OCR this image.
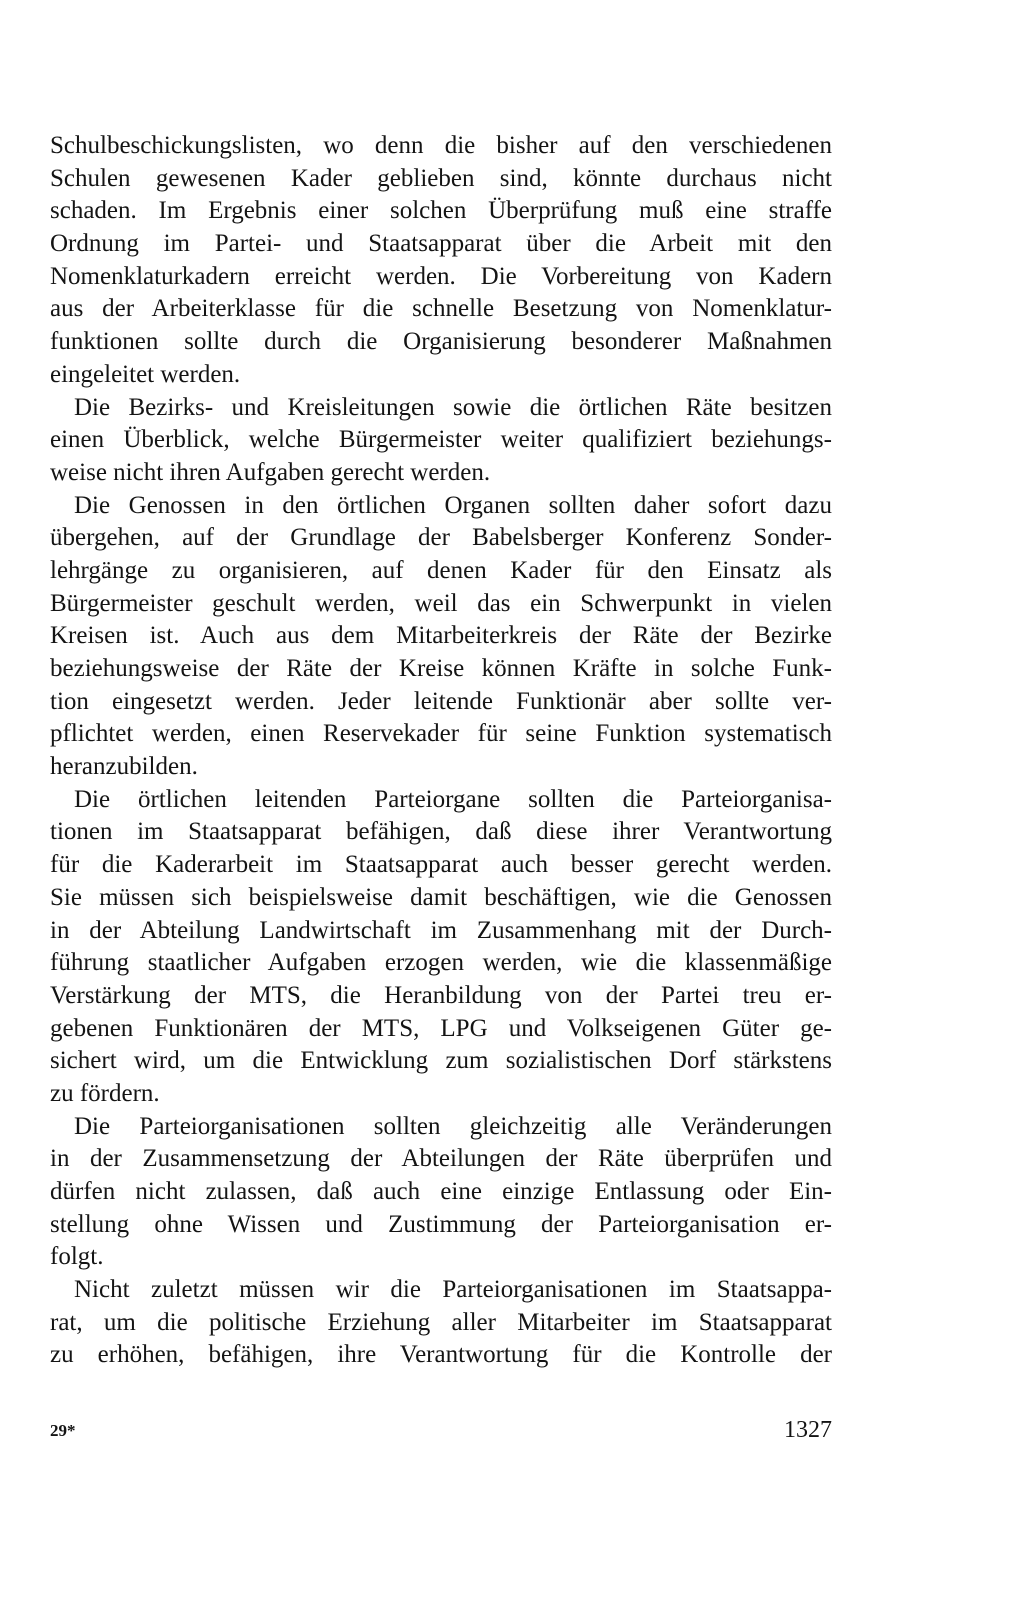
Schulbeschickungslisten, wo denn die bisher auf den verschiedenen
Schulen gewesenen Kader geblieben sind, könnte durchaus nicht
schaden. Im Ergebnis einer solchen Überprüfung muß eine straffe
Ordnung im Partei- und Staatsapparat über die Arbeit mit den
Nomenklaturkadern erreicht werden. Die Vorbereitung von Kadern
aus der Arbeiterklasse für die schnelle Besetzung von Nomenklatur-
funktionen sollte durch die Organisierung besonderer Maßnahmen
eingeleitet werden.
Die Bezirks- und Kreisleitungen sowie die örtlichen Räte besitzen
einen Überblick, welche Bürgermeister weiter qualifiziert beziehungs-
weise nicht ihren Aufgaben gerecht werden.
Die Genossen in den örtlichen Organen sollten daher sofort dazu
übergehen, auf der Grundlage der Babelsberger Konferenz Sonder-
lehrgänge zu organisieren, auf denen Kader für den Einsatz als
Bürgermeister geschult werden, weil das ein Schwerpunkt in vielen
Kreisen ist. Auch aus dem Mitarbeiterkreis der Räte der Bezirke
beziehungsweise der Räte der Kreise können Kräfte in solche Funk-
tion eingesetzt werden. Jeder leitende Funktionär aber sollte ver-
pflichtet werden, einen Reservekader für seine Funktion systematisch
heranzubilden.
Die örtlichen leitenden Parteiorgane sollten die Parteiorganisa-
tionen im Staatsapparat befähigen, daß diese ihrer Verantwortung
für die Kaderarbeit im Staatsapparat auch besser gerecht werden.
Sie müssen sich beispielsweise damit beschäftigen, wie die Genossen
in der Abteilung Landwirtschaft im Zusammenhang mit der Durch-
führung staatlicher Aufgaben erzogen werden, wie die klassenmäßige
Verstärkung der MTS, die Heranbildung von der Partei treu er-
gebenen Funktionären der MTS, LPG und Volkseigenen Güter ge-
sichert wird, um die Entwicklung zum sozialistischen Dorf stärkstens
zu fördern.
Die Parteiorganisationen sollten gleichzeitig alle Veränderungen
in der Zusammensetzung der Abteilungen der Räte überprüfen und
dürfen nicht zulassen, daß auch eine einzige Entlassung oder Ein-
stellung ohne Wissen und Zustimmung der Parteiorganisation er-
folgt.
Nicht zuletzt müssen wir die Parteiorganisationen im Staatsappa-
rat, um die politische Erziehung aller Mitarbeiter im Staatsapparat
zu erhöhen, befähigen, ihre Verantwortung für die Kontrolle der
29*	1327
